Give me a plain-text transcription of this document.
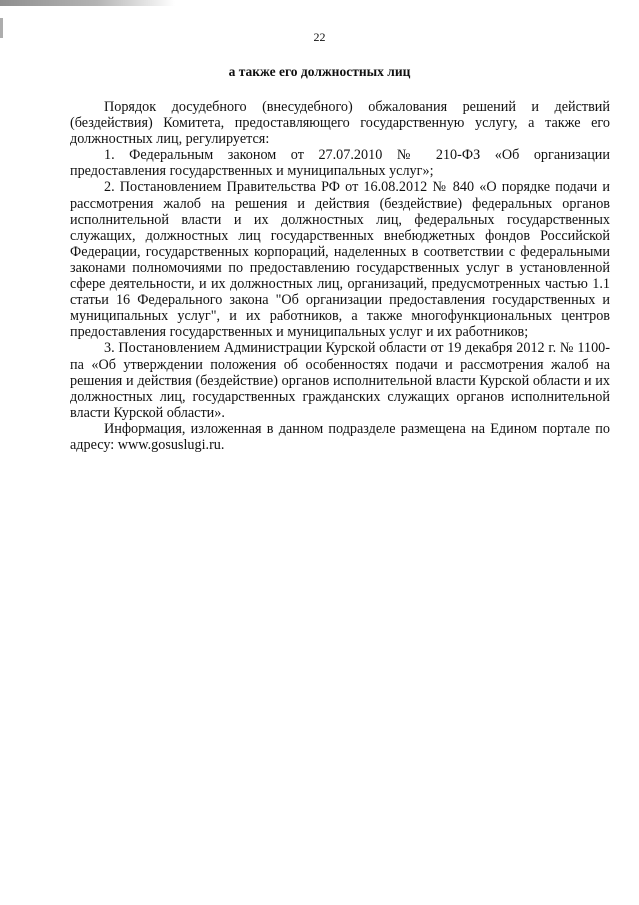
22
а также его должностных лиц

Порядок досудебного (внесудебного) обжалования решений и действий (бездействия) Комитета, предоставляющего государственную услугу, а также его должностных лиц, регулируется:

1. Федеральным законом от 27.07.2010 № 210-ФЗ «Об организации предоставления государственных и муниципальных услуг»;

2. Постановлением Правительства РФ от 16.08.2012 № 840 «О порядке подачи и рассмотрения жалоб на решения и действия (бездействие) федеральных органов исполнительной власти и их должностных лиц, федеральных государственных служащих, должностных лиц государственных внебюджетных фондов Российской Федерации, государственных корпораций, наделенных в соответствии с федеральными законами полномочиями по предоставлению государственных услуг в установленной сфере деятельности, и их должностных лиц, организаций, предусмотренных частью 1.1 статьи 16 Федерального закона "Об организации предоставления государственных и муниципальных услуг", и их работников, а также многофункциональных центров предоставления государственных и муниципальных услуг и их работников;

3. Постановлением Администрации Курской области от 19 декабря 2012 г. № 1100-па «Об утверждении положения об особенностях подачи и рассмотрения жалоб на решения и действия (бездействие) органов исполнительной власти Курской области и их должностных лиц, государственных гражданских служащих органов исполнительной власти Курской области».

Информация, изложенная в данном подразделе размещена на Едином портале по адресу: www.gosuslugi.ru.
